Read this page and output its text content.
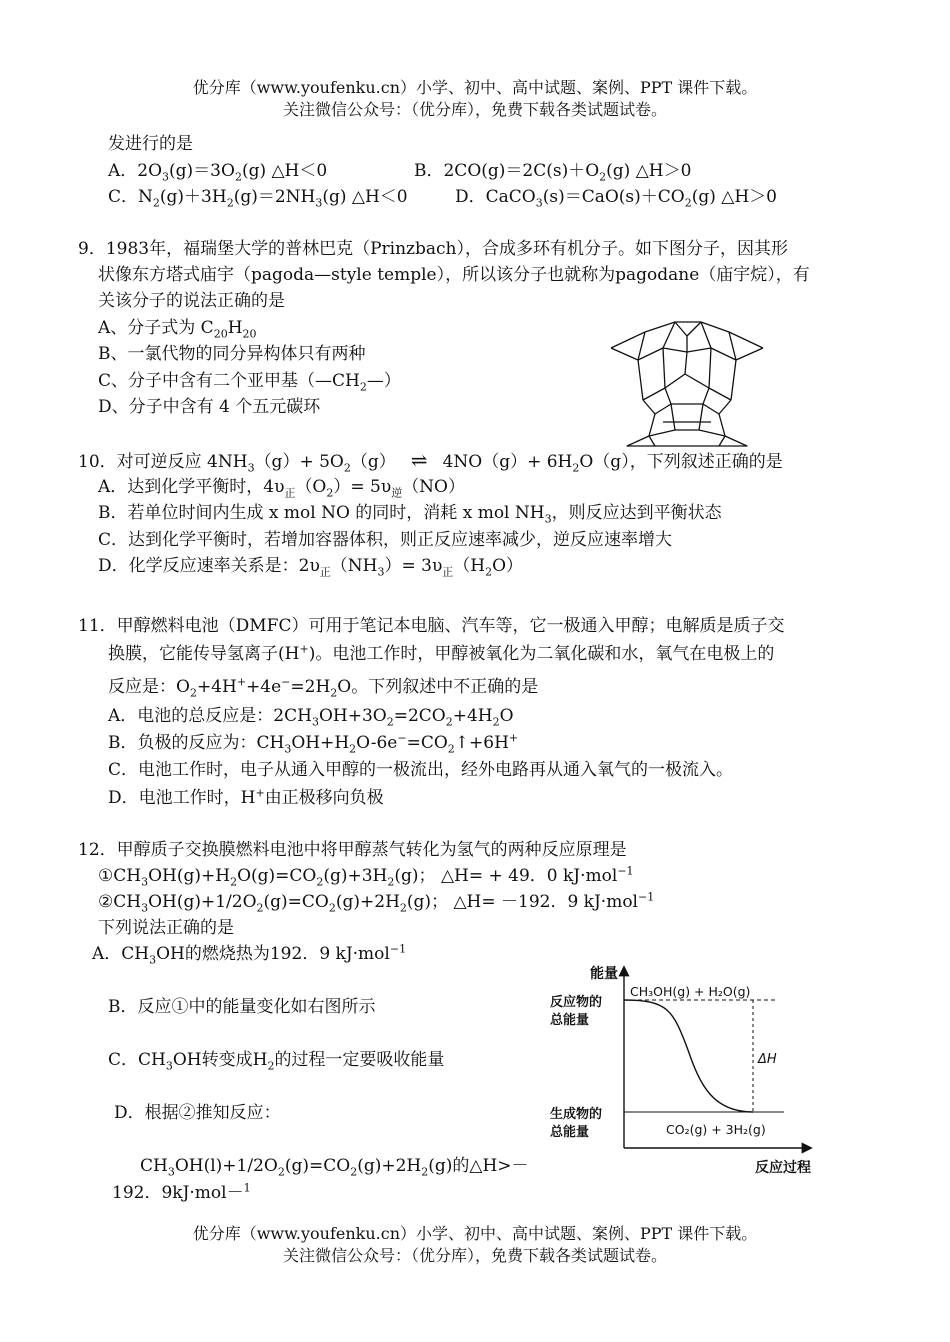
优分库（www.youfenku.cn）小学、初中、高中试题、案例、PPT 课件下载。
关注微信公众号：（优分库），免费下载各类试题试卷。
发进行的是
A．$2O_3(g)=3O_2(g)$ △H＜0	B．$2CO(g)=2C(s)+O_2(g)$ △H＞0
C．$N_2(g)+3H_2(g)=2NH_3(g)$ △H＜0	D．$CaCO_3(s)=CaO(s)+CO_2(g)$ △H＞0
9．1983年，福瑞堡大学的普林巴克（Prinzbach），合成多环有机分子。如下图分子，因其形
状像东方塔式庙宇（pagoda—style temple），所以该分子也就称为pagodane（庙宇烷），有
关该分子的说法正确的是
A、分子式为 $C_{20}H_{20}$
B、一氯代物的同分异构体只有两种
C、分子中含有二个亚甲基$(—CH_2—)$
D、分子中含有 4 个五元碳环
10．对可逆反应 $4NH_3(g)+ 5O_2(g)$ ⇌ $4NO(g)+ 6H_2O(g)$，下列叙述正确的是
A．达到化学平衡时，$4\upsilon_正(O_2)= 5\upsilon_逆(NO)$
B．若单位时间内生成 x mol NO 的同时，消耗 x mol $NH_3$，则反应达到平衡状态
C．达到化学平衡时，若增加容器体积，则正反应速率减少，逆反应速率增大
D．化学反应速率关系是：$2\upsilon_正(NH_3)= 3\upsilon_正(H_2O)$
11．甲醇燃料电池（DMFC）可用于笔记本电脑、汽车等，它一极通入甲醇；电解质是质子交
换膜，它能传导氢离子(H+)。电池工作时，甲醇被氧化为二氧化碳和水，氧气在电极上的
反应是：$O_2+4H^++4e^-=2H_2O$。下列叙述中不正确的是
A．电池的总反应是：$2CH_3OH+3O_2=2CO_2+4H_2O$
B．负极的反应为：$CH_3OH+H_2O-6e^-=CO_2↑+6H^+$
C．电池工作时，电子从通入甲醇的一极流出，经外电路再从通入氧气的一极流入。
D．电池工作时，H+由正极移向负极
12．甲醇质子交换膜燃料电池中将甲醇蒸气转化为氢气的两种反应原理是
$①CH_3OH(g)+H_2O(g)=CO_2(g)+3H_2(g)$； △H= + 49．0 kJ·mol$^{-1}$
$②CH_3OH(g)+1/2O_2(g)=CO_2(g)+2H_2(g)$； △H= －192．9 kJ·mol$^{-1}$
下列说法正确的是
A．$CH_3OH$的燃烧热为192．9 kJ·mol$^{-1}$
B．反应①中的能量变化如右图所示
C．$CH_3OH$转变成$H_2$的过程一定要吸收能量
D．根据②推知反应：
$CH_3OH(l)+1/2O_2(g)=CO_2(g)+2H_2(g)$的△H>－
192．9kJ·mol－$^1$
能量
反应过程
反应物的
总能量
CH₃OH(g) + H₂O(g)
生成物的
总能量	CO₂(g) + 3H₂(g)
ΔH
优分库（www.youfenku.cn）小学、初中、高中试题、案例、PPT 课件下载。
关注微信公众号：（优分库），免费下载各类试题试卷。
